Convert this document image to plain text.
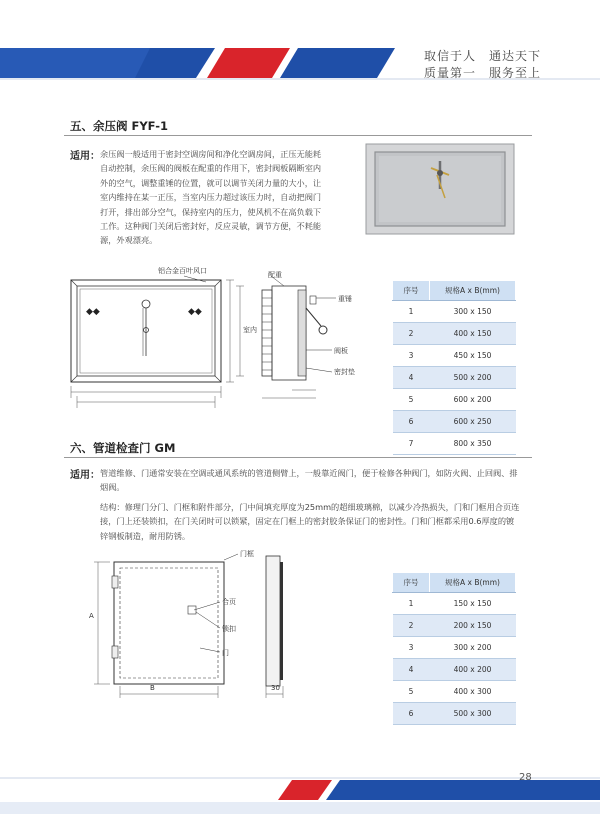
取信于人　通达天下
质量第一　服务至上
五、余压阀 FYF-1
适用： 余压阀一般适用于密封空调房间和净化空调房间，正压无能耗
自动控制，余压阀的阀板在配重的作用下，密封阀板隔断室内
外的空气，调整重锤的位置，就可以调节关闭力量的大小，让
室内维持在某一正压，当室内压力超过该压力时，自动把阀门
打开，排出部分空气，保持室内的压力，使风机不在高负载下
工作。这种阀门关闭后密封好，反应灵敏，调节方便，不耗能
源，外观漂亮。
◆◆	◆◆
铝合金百叶风口	配重
重锤
室内
阀板
密封垫
序号	规格A x B(mm)
1	300 x 150
2	400 x 150
3	450 x 150
4	500 x 200
5	600 x 200
6	600 x 250
7	800 x 350
六、管道检查门 GM
适用： 管道维修、门通常安装在空调或通风系统的管道侧臂上，一般靠近阀门，便于检修各种阀门，如防火阀、止回阀、排
烟阀。
结构：修理门分门、门框和附件部分，门中间填充厚度为25mm的超细玻璃棉，以减少冷热损失，门和门框用合页连
接，门上还装锁扣，在门关闭时可以锁紧，固定在门框上的密封胶条保证门的密封性。门和门框都采用0.6厚度的镀
锌钢板制造，耐用防锈。
门框
合页
锁扣
门
A
B	30
序号	规格A x B(mm)
1	150 x 150
2	200 x 150
3	300 x 200
4	400 x 200
5	400 x 300
6	500 x 300
28
